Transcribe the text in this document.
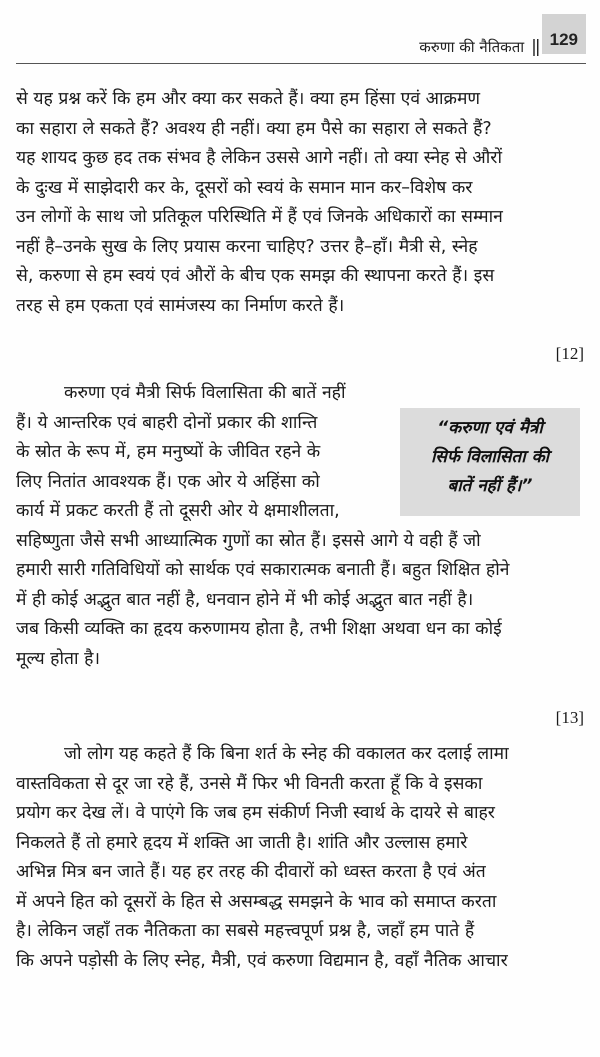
करुणा की नैतिकता || 129
से यह प्रश्न करें कि हम और क्या कर सकते हैं। क्या हम हिंसा एवं आक्रमण
का सहारा ले सकते हैं? अवश्य ही नहीं। क्या हम पैसे का सहारा ले सकते हैं?
यह शायद कुछ हद तक संभव है लेकिन उससे आगे नहीं। तो क्या स्नेह से औरों
के दुःख में साझेदारी कर के, दूसरों को स्वयं के समान मान कर–विशेष कर
उन लोगों के साथ जो प्रतिकूल परिस्थिति में हैं एवं जिनके अधिकारों का सम्मान
नहीं है–उनके सुख के लिए प्रयास करना चाहिए? उत्तर है–हाँ। मैत्री से, स्नेह
से, करुणा से हम स्वयं एवं औरों के बीच एक समझ की स्थापना करते हैं। इस
तरह से हम एकता एवं सामंजस्य का निर्माण करते हैं।
[12]
करुणा एवं मैत्री सिर्फ विलासिता की बातें नहीं
हैं। ये आन्तरिक एवं बाहरी दोनों प्रकार की शान्ति
के स्रोत के रूप में, हम मनुष्यों के जीवित रहने के
लिए नितांत आवश्यक हैं। एक ओर ये अहिंसा को
कार्य में प्रकट करती हैं तो दूसरी ओर ये क्षमाशीलता,
सहिष्णुता जैसे सभी आध्यात्मिक गुणों का स्रोत हैं। इससे आगे ये वही हैं जो
हमारी सारी गतिविधियों को सार्थक एवं सकारात्मक बनाती हैं। बहुत शिक्षित होने
में ही कोई अद्भुत बात नहीं है, धनवान होने में भी कोई अद्भुत बात नहीं है।
जब किसी व्यक्ति का हृदय करुणामय होता है, तभी शिक्षा अथवा धन का कोई
मूल्य होता है।
“करुणा एवं मैत्री
सिर्फ विलासिता की
बातें नहीं हैं।”
[13]
जो लोग यह कहते हैं कि बिना शर्त के स्नेह की वकालत कर दलाई लामा
वास्तविकता से दूर जा रहे हैं, उनसे मैं फिर भी विनती करता हूँ कि वे इसका
प्रयोग कर देख लें। वे पाएंगे कि जब हम संकीर्ण निजी स्वार्थ के दायरे से बाहर
निकलते हैं तो हमारे हृदय में शक्ति आ जाती है। शांति और उल्लास हमारे
अभिन्न मित्र बन जाते हैं। यह हर तरह की दीवारों को ध्वस्त करता है एवं अंत
में अपने हित को दूसरों के हित से असम्बद्ध समझने के भाव को समाप्त करता
है। लेकिन जहाँ तक नैतिकता का सबसे महत्त्वपूर्ण प्रश्न है, जहाँ हम पाते हैं
कि अपने पड़ोसी के लिए स्नेह, मैत्री, एवं करुणा विद्यमान है, वहाँ नैतिक आचार
